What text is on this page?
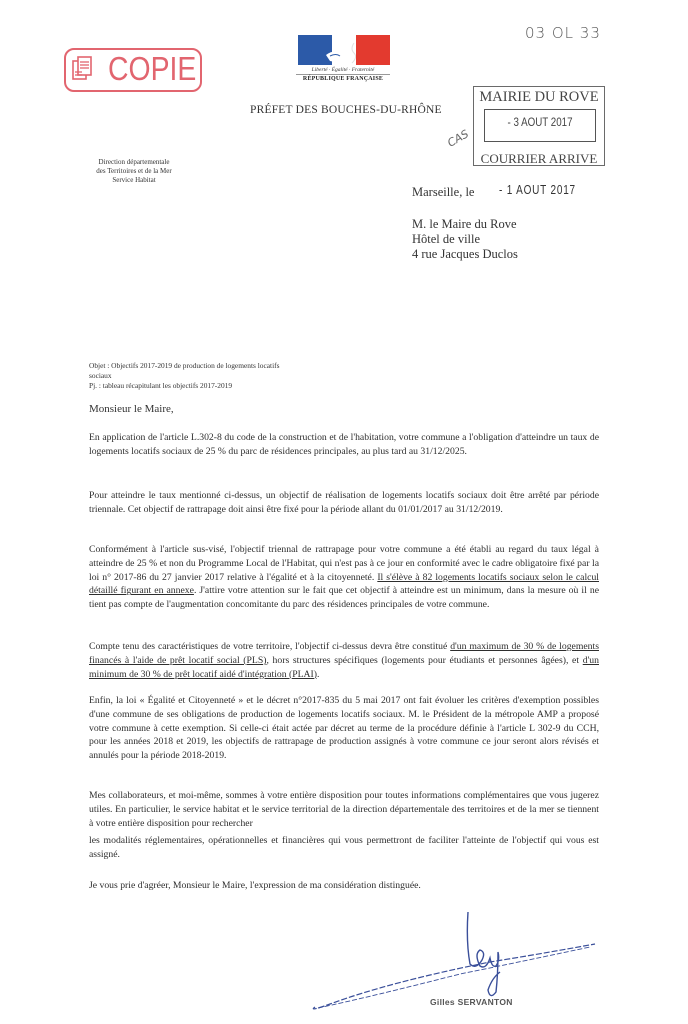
COPIE	Liberté · Égalité · Fraternité
RÉPUBLIQUE FRANÇAISE
PRÉFET DES BOUCHES-DU-RHÔNE
Direction départementale
des Territoires et de la Mer
Service Habitat
03 OL 33
MAIRIE DU ROVE
- 3 AOUT 2017
COURRIER ARRIVE
CAS
Marseille, le - 1 AOUT 2017
M. le Maire du Rove
Hôtel de ville
4 rue Jacques Duclos
Objet : Objectifs 2017-2019 de production de logements locatifs sociaux
Pj. : tableau récapitulant les objectifs 2017-2019
Monsieur le Maire,
En application de l'article L.302-8 du code de la construction et de l'habitation, votre commune a l'obligation d'atteindre un taux de logements locatifs sociaux de 25 % du parc de résidences principales, au plus tard au 31/12/2025.
Pour atteindre le taux mentionné ci-dessus, un objectif de réalisation de logements locatifs sociaux doit être arrêté par période triennale. Cet objectif de rattrapage doit ainsi être fixé pour la période allant du 01/01/2017 au 31/12/2019.
Conformément à l'article sus-visé, l'objectif triennal de rattrapage pour votre commune a été établi au regard du taux légal à atteindre de 25 % et non du Programme Local de l'Habitat, qui n'est pas à ce jour en conformité avec le cadre obligatoire fixé par la loi n° 2017-86 du 27 janvier 2017 relative à l'égalité et à la citoyenneté. Il s'élève à 82 logements locatifs sociaux selon le calcul détaillé figurant en annexe. J'attire votre attention sur le fait que cet objectif à atteindre est un minimum, dans la mesure où il ne tient pas compte de l'augmentation concomitante du parc des résidences principales de votre commune.
Compte tenu des caractéristiques de votre territoire, l'objectif ci-dessus devra être constitué d'un maximum de 30 % de logements financés à l'aide de prêt locatif social (PLS), hors structures spécifiques (logements pour étudiants et personnes âgées), et d'un minimum de 30 % de prêt locatif aidé d'intégration (PLAI).
Enfin, la loi « Égalité et Citoyenneté » et le décret n°2017-835 du 5 mai 2017 ont fait évoluer les critères d'exemption possibles d'une commune de ses obligations de production de logements locatifs sociaux. M. le Président de la métropole AMP a proposé votre commune à cette exemption. Si celle-ci était actée par décret au terme de la procédure définie à l'article L 302-9 du CCH, pour les années 2018 et 2019, les objectifs de rattrapage de production assignés à votre commune ce jour seront alors révisés et annulés pour la période 2018-2019.
Mes collaborateurs, et moi-même, sommes à votre entière disposition pour toutes informations complémentaires que vous jugerez utiles. En particulier, le service habitat et le service territorial de la direction départementale des territoires et de la mer se tiennent à votre entière disposition pour rechercher
les modalités réglementaires, opérationnelles et financières qui vous permettront de faciliter l'atteinte de l'objectif qui vous est assigné.
Je vous prie d'agréer, Monsieur le Maire, l'expression de ma considération distinguée.
Gilles SERVANTON
